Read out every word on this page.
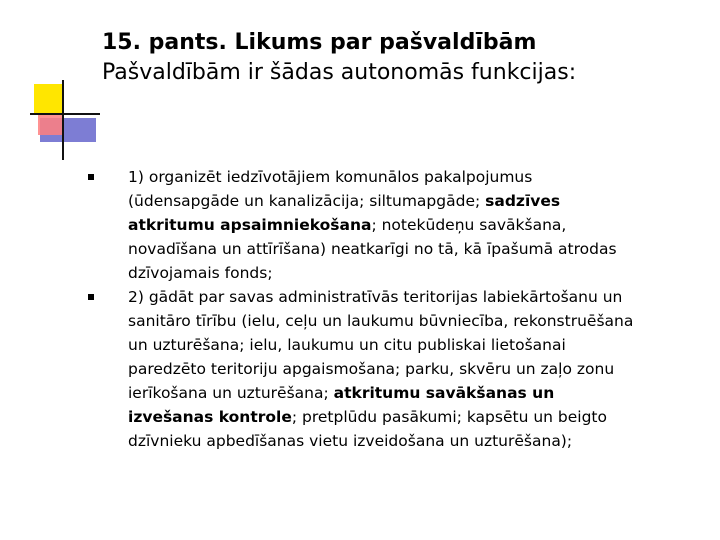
15. pants. Likums par pašvaldībām
Pašvaldībām ir šādas autonomās funkcijas:
1) organizēt iedzīvotājiem komunālos pakalpojumus
(ūdensapgāde un kanalizācija; siltumapgāde; sadzīves
atkritumu apsaimniekošana; notekūdeņu savākšana,
novadīšana un attīrīšana) neatkarīgi no tā, kā īpašumā atrodas
dzīvojamais fonds;
2) gādāt par savas administratīvās teritorijas labiekārtošanu un
sanitāro tīrību (ielu, ceļu un laukumu būvniecība, rekonstruēšana
un uzturēšana; ielu, laukumu un citu publiskai lietošanai
paredzēto teritoriju apgaismošana; parku, skvēru un zaļo zonu
ierīkošana un uzturēšana; atkritumu savākšanas un
izvešanas kontrole; pretplūdu pasākumi; kapsētu un beigto
dzīvnieku apbedīšanas vietu izveidošana un uzturēšana);
